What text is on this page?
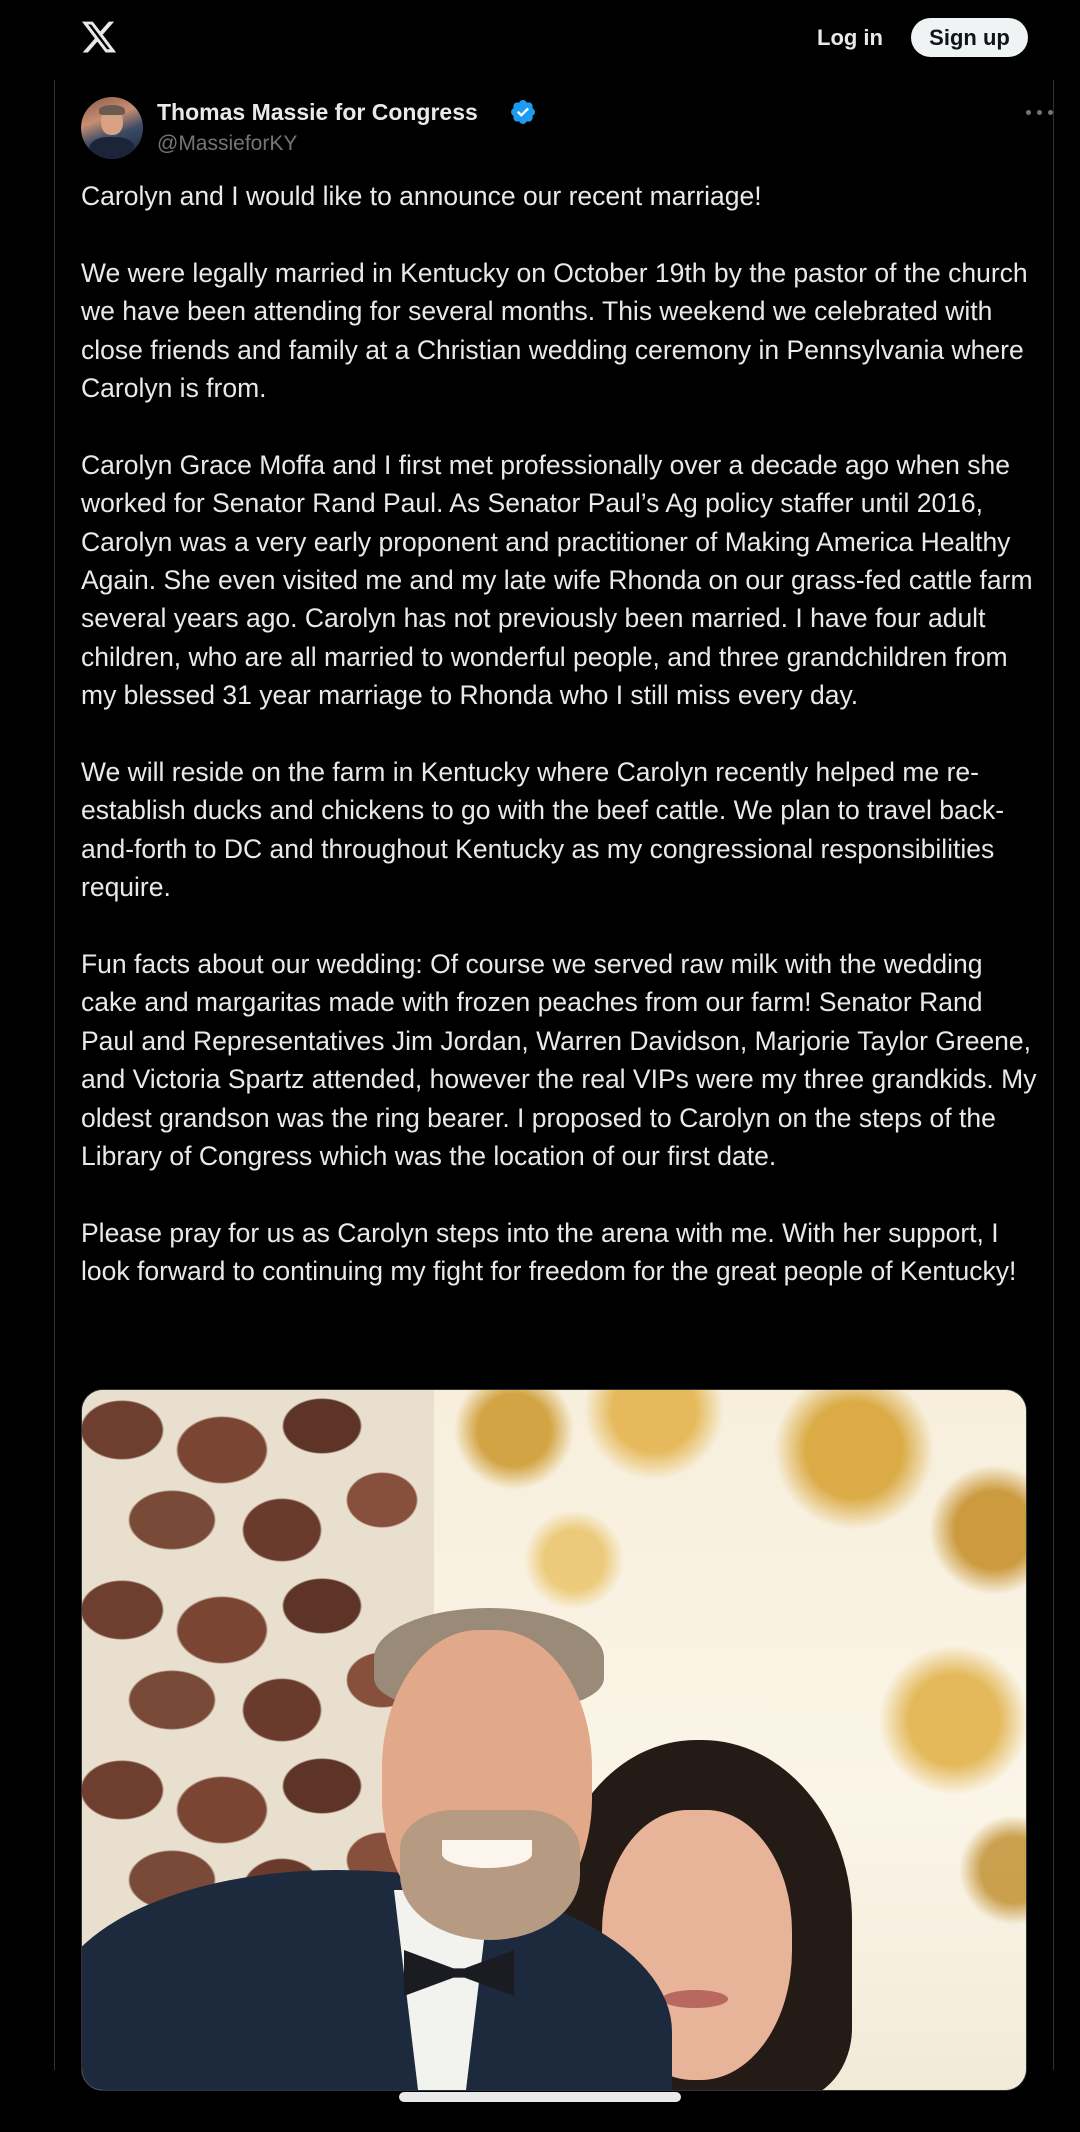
Log in	Sign up
Thomas Massie for Congress
@MassieforKY

Carolyn and I would like to announce our recent marriage!

We were legally married in Kentucky on October 19th by the pastor of the church we have been attending for several months. This weekend we celebrated with close friends and family at a Christian wedding ceremony in Pennsylvania where Carolyn is from.

Carolyn Grace Moffa and I first met professionally over a decade ago when she worked for Senator Rand Paul. As Senator Paul’s Ag policy staffer until 2016, Carolyn was a very early proponent and practitioner of Making America Healthy Again. She even visited me and my late wife Rhonda on our grass-fed cattle farm several years ago. Carolyn has not previously been married. I have four adult children, who are all married to wonderful people, and three grandchildren from my blessed 31 year marriage to Rhonda who I still miss every day.

We will reside on the farm in Kentucky where Carolyn recently helped me re-establish ducks and chickens to go with the beef cattle. We plan to travel back-and-forth to DC and throughout Kentucky as my congressional responsibilities require.

Fun facts about our wedding: Of course we served raw milk with the wedding cake and margaritas made with frozen peaches from our farm! Senator Rand Paul and Representatives Jim Jordan, Warren Davidson, Marjorie Taylor Greene, and Victoria Spartz attended, however the real VIPs were my three grandkids. My oldest grandson was the ring bearer. I proposed to Carolyn on the steps of the Library of Congress which was the location of our first date.

Please pray for us as Carolyn steps into the arena with me. With her support, I look forward to continuing my fight for freedom for the great people of Kentucky!
